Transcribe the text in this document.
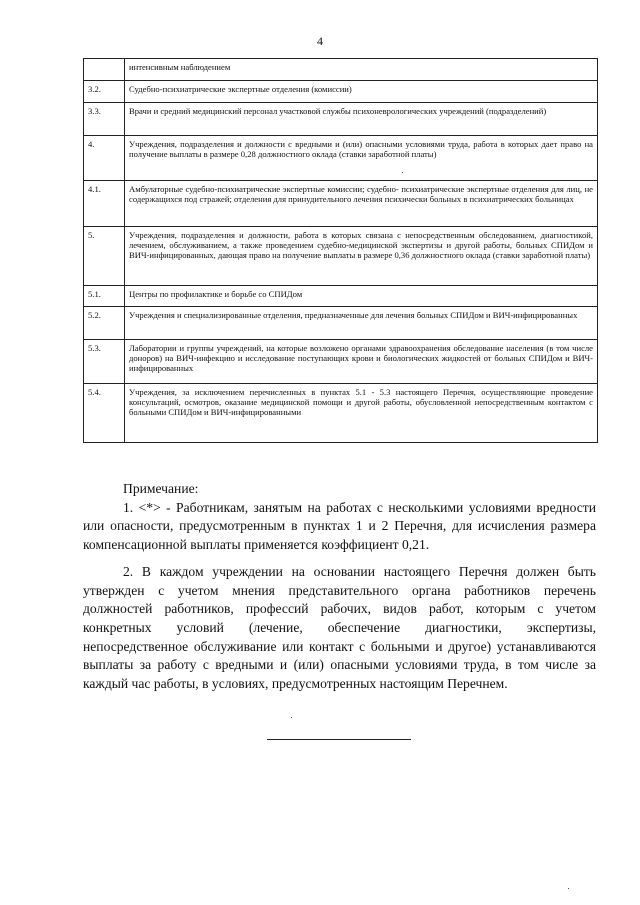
4
	интенсивным наблюдением
3.2.	Судебно-психиатрические экспертные отделения (комиссии)
3.3.	Врачи и средний медицинский персонал участковой службы психоневрологических учреждений (подразделений)
4.	Учреждения, подразделения и должности с вредными и (или) опасными условиями труда, работа в которых дает право на получение выплаты в размере 0,28 должностного оклада (ставки заработной платы)
4.1.	Амбулаторные судебно-психиатрические экспертные комиссии; судебно- психиатрические экспертные отделения для лиц, не содержащихся под стражей; отделения для принудительного лечения психически больных в психиатрических больницах
5.	Учреждения, подразделения и должности, работа в которых связана с непосредственным обследованием, диагностикой, лечением, обслуживанием, а также проведением судебно-медицинской экспертизы и другой работы, больных СПИДом и ВИЧ-инфицированных, дающая право на получение выплаты в размере 0,36 должностного оклада (ставки заработной платы)
5.1.	Центры по профилактике и борьбе со СПИДом
5.2.	Учреждения и специализированные отделения, предназначенные для лечения больных СПИДом и ВИЧ-инфицированных
5.3.	Лаборатории и группы учреждений, на которые возложено органами здравоохранения обследование населения (в том числе доноров) на ВИЧ-инфекцию и исследование поступающих крови и биологических жидкостей от больных СПИДом и ВИЧ-инфицированных
5.4.	Учреждения, за исключением перечисленных в пунктах 5.1 - 5.3 настоящего Перечня, осуществляющие проведение консультаций, осмотров, оказание медицинской помощи и другой работы, обусловленной непосредственным контактом с больными СПИДом и ВИЧ-инфицированными

Примечание:

1. <*> - Работникам, занятым на работах с несколькими условиями вредности или опасности, предусмотренным в пунктах 1 и 2 Перечня, для исчисления размера компенсационной выплаты применяется коэффициент 0,21.

2. В каждом учреждении на основании настоящего Перечня должен быть утвержден с учетом мнения представительного органа работников перечень должностей работников, профессий рабочих, видов работ, которым с учетом конкретных условий (лечение, обеспечение диагностики, экспертизы, непосредственное обслуживание или контакт с больными и другое) устанавливаются выплаты за работу с вредными и (или) опасными условиями труда, в том числе за каждый час работы, в условиях, предусмотренных настоящим Перечнем.
